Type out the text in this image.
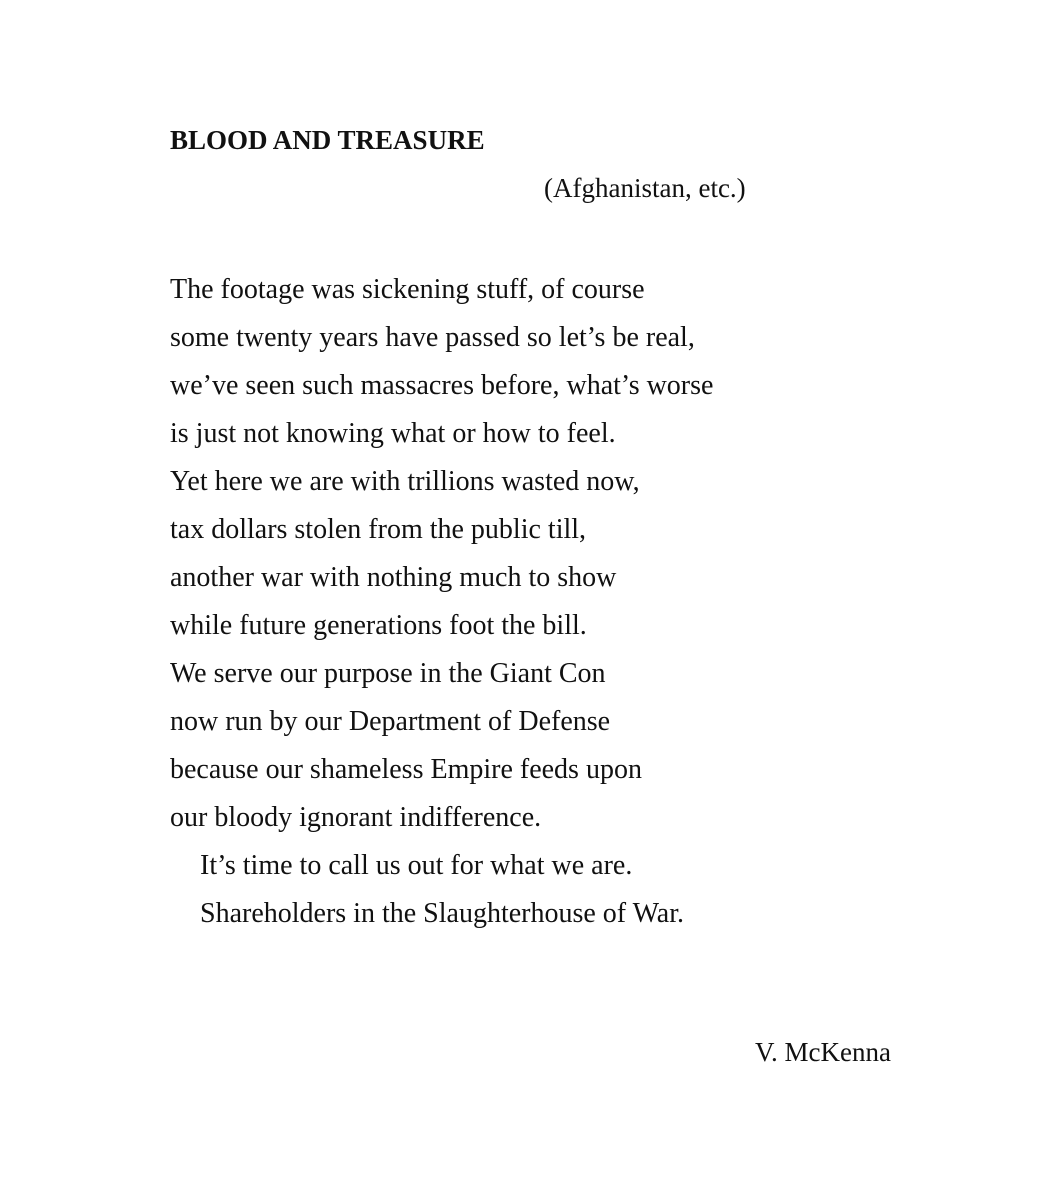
BLOOD AND TREASURE
(Afghanistan, etc.)
The footage was sickening stuff, of course
some twenty years have passed so let’s be real,
we’ve seen such massacres before, what’s worse
is just not knowing what or how to feel.
Yet here we are with trillions wasted now,
tax dollars stolen from the public till,
another war with nothing much to show
while future generations foot the bill.
We serve our purpose in the Giant Con
now run by our Department of Defense
because our shameless Empire feeds upon
our bloody ignorant indifference.
It’s time to call us out for what we are.
Shareholders in the Slaughterhouse of War.
V. McKenna
